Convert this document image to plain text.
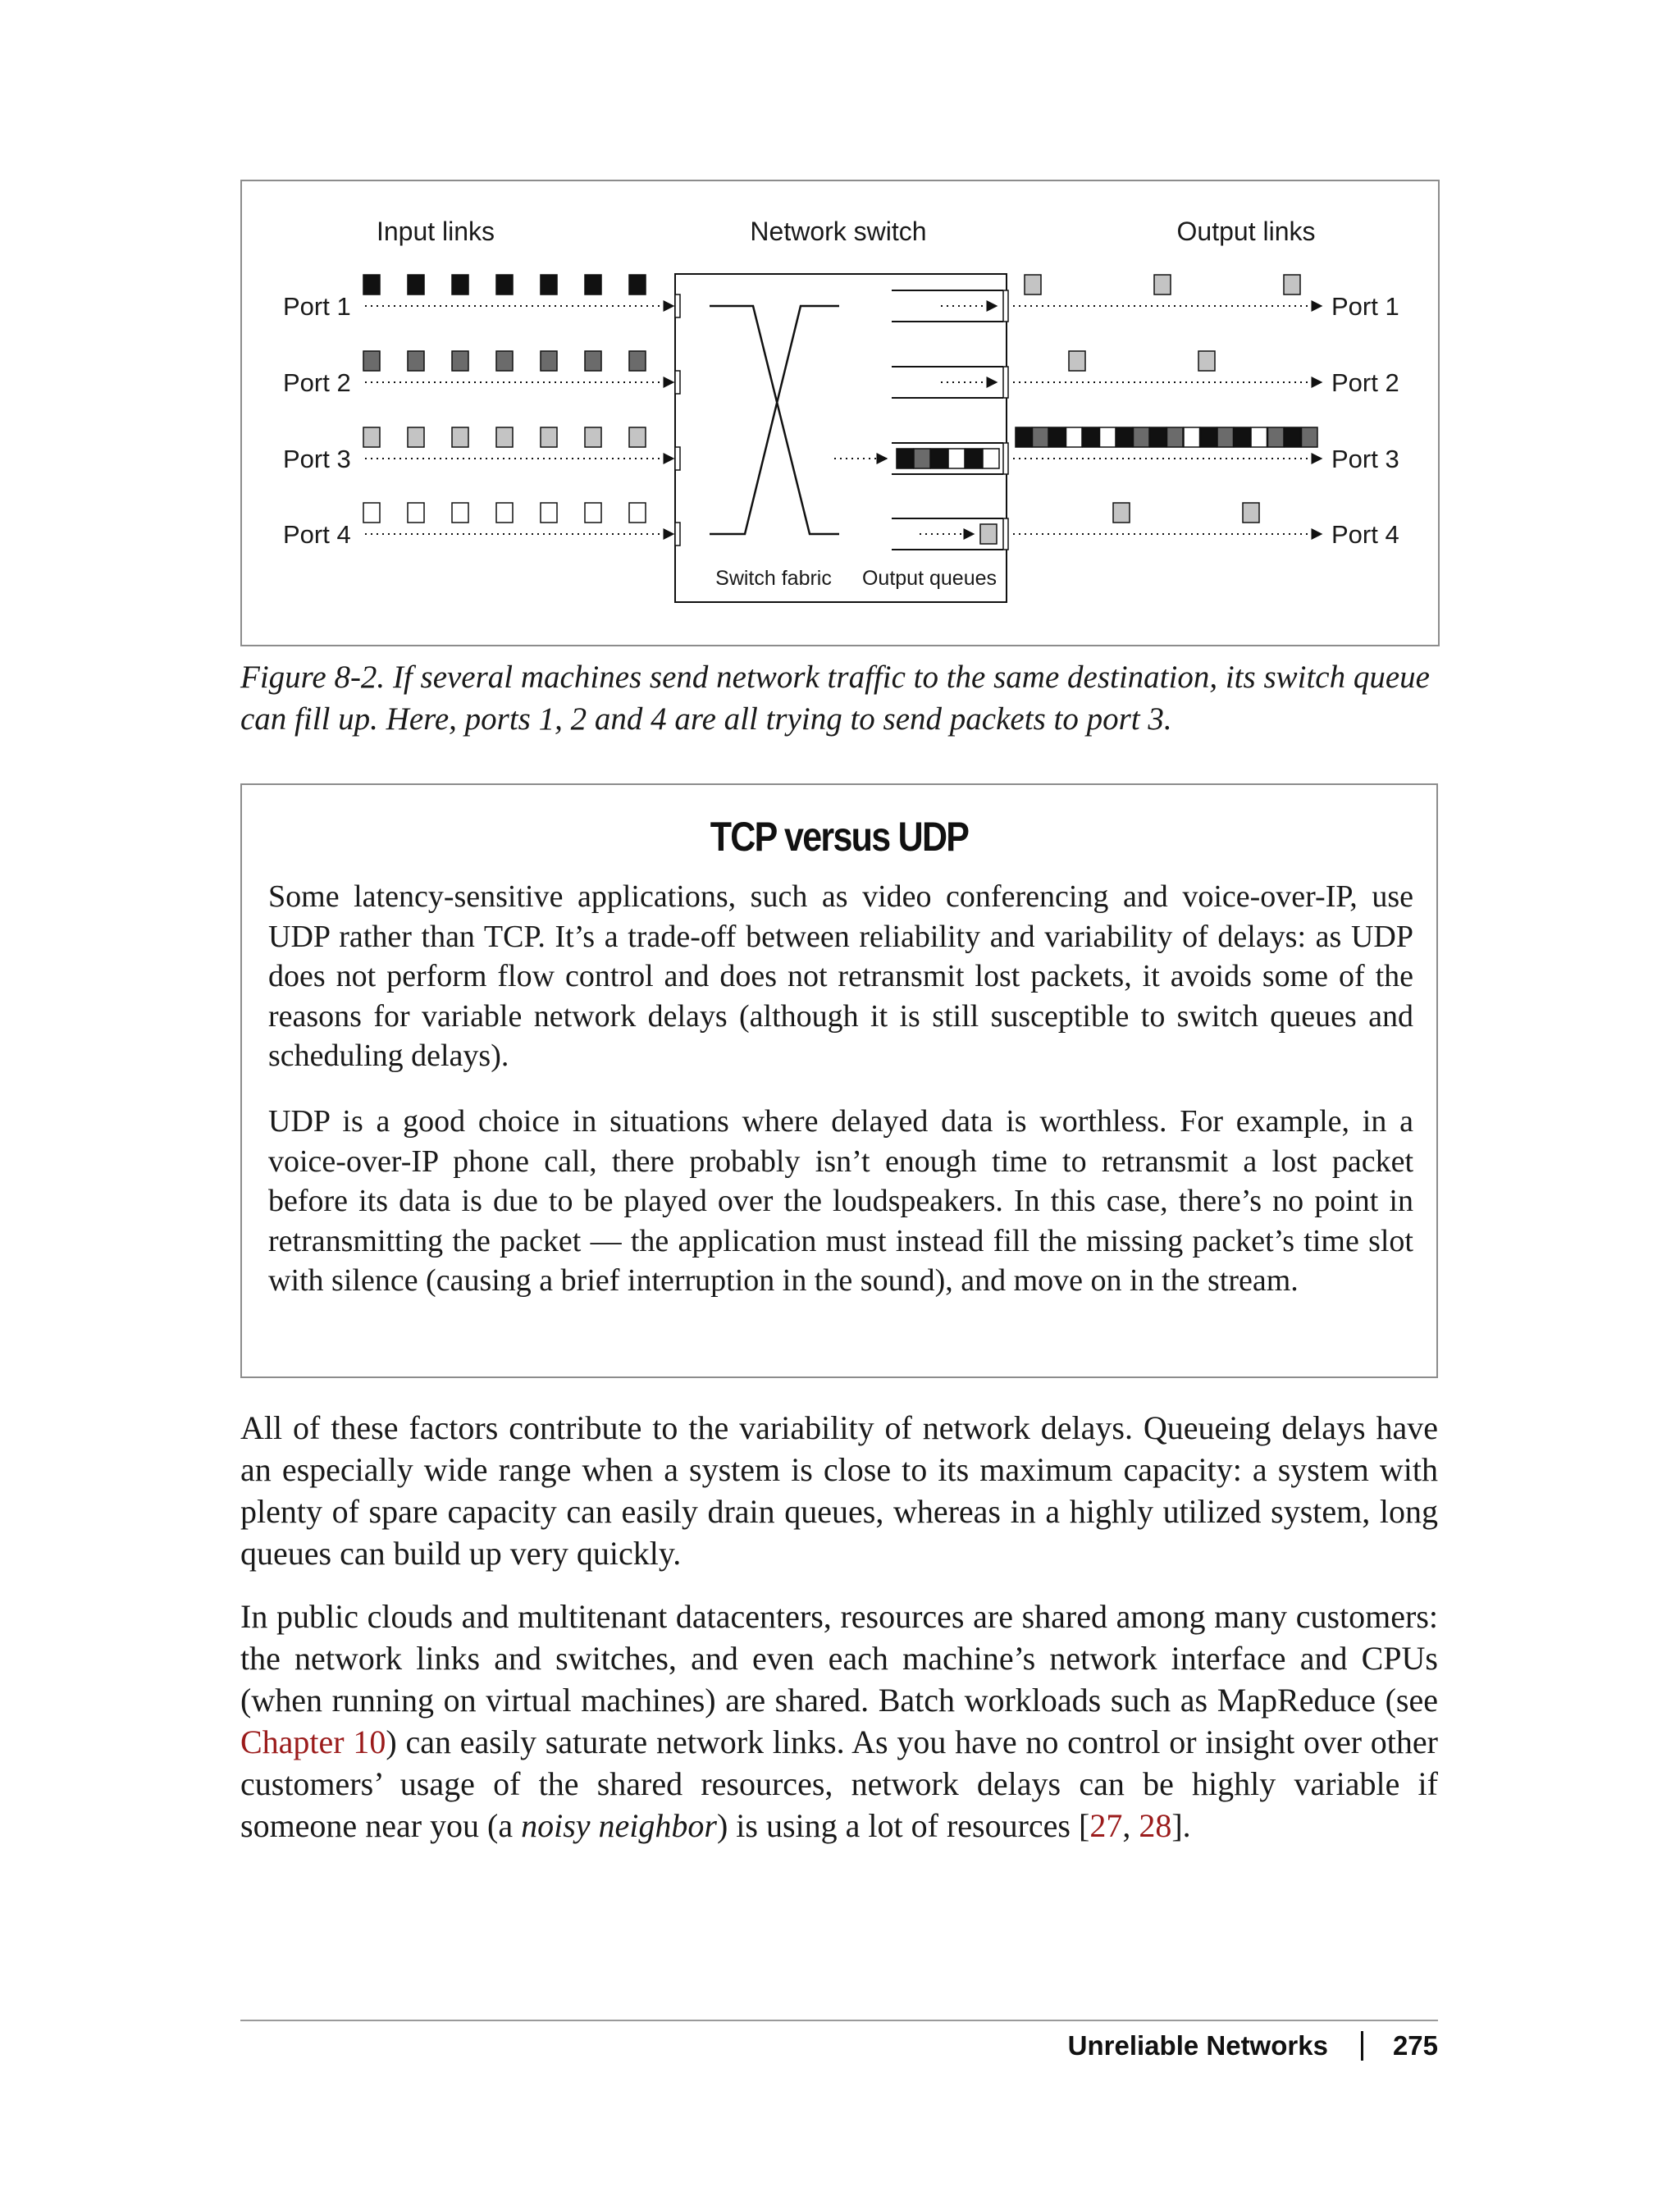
Input links	Network switch	Output links
Port 1
Port 2
Port 3
Port 4
Port 1
Port 2
Port 3
Port 4
Switch fabric Output queues
Figure 8-2. If several machines send network traffic to the same destination, its switch queue can fill up. Here, ports 1, 2 and 4 are all trying to send packets to port 3.
TCP versus UDP

Some latency-sensitive applications, such as video conferencing and voice-over-IP, use UDP rather than TCP. It’s a trade-off between reliability and variability of delays: as UDP does not perform flow control and does not retransmit lost packets, it avoids some of the reasons for variable network delays (although it is still susceptible to switch queues and scheduling delays).

UDP is a good choice in situations where delayed data is worthless. For example, in a voice-over-IP phone call, there probably isn’t enough time to retransmit a lost packet before its data is due to be played over the loudspeakers. In this case, there’s no point in retransmitting the packet — the application must instead fill the missing packet’s time slot with silence (causing a brief interruption in the sound), and move on in the stream.

All of these factors contribute to the variability of network delays. Queueing delays have an especially wide range when a system is close to its maximum capacity: a system with plenty of spare capacity can easily drain queues, whereas in a highly utilized system, long queues can build up very quickly.

In public clouds and multitenant datacenters, resources are shared among many customers: the network links and switches, and even each machine’s network interface and CPUs (when running on virtual machines) are shared. Batch workloads such as MapReduce (see Chapter 10) can easily saturate network links. As you have no control or insight over other customers’ usage of the shared resources, network delays can be highly variable if someone near you (a noisy neighbor) is using a lot of resources [27, 28].

Unreliable Networks 275
